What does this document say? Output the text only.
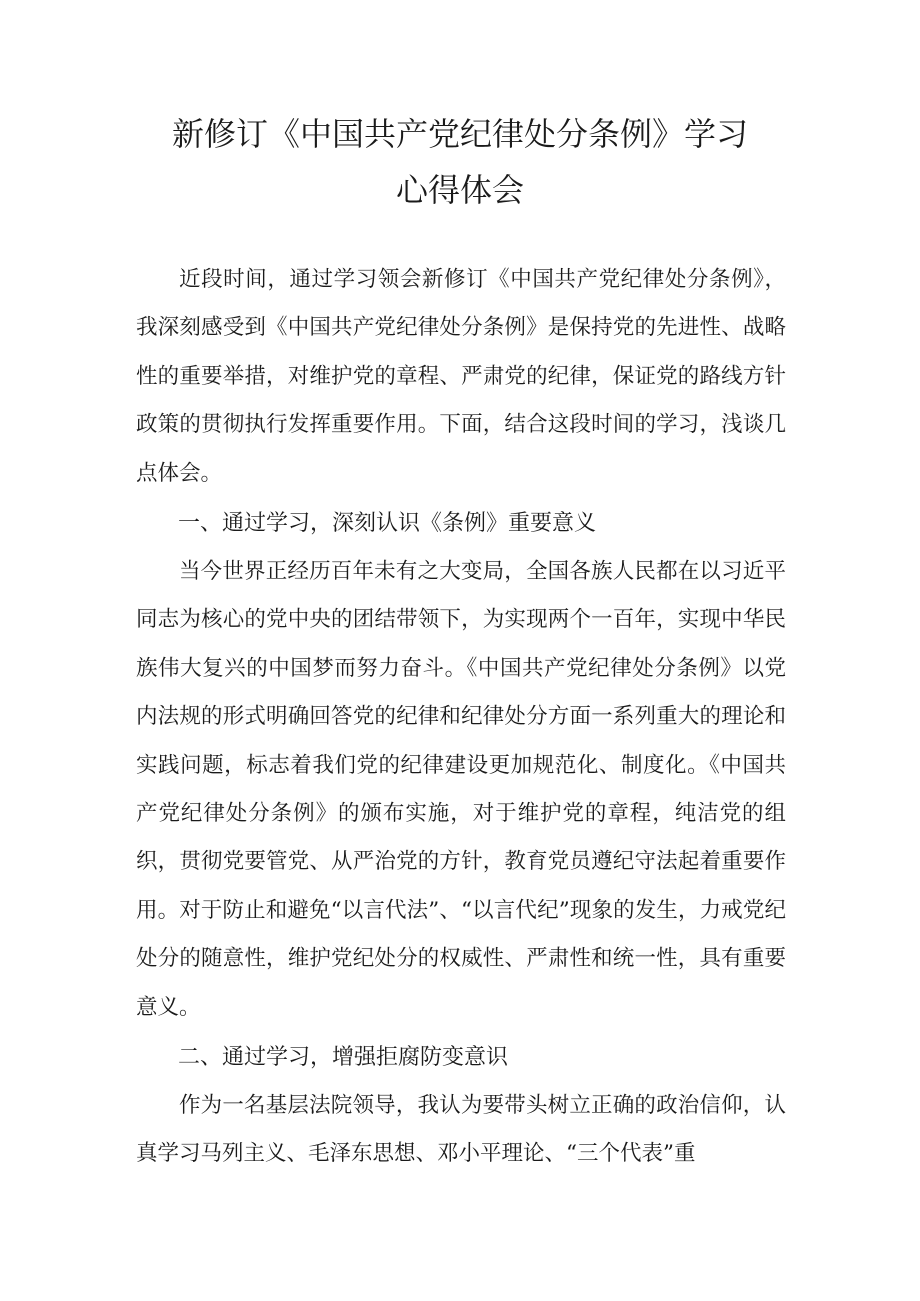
新修订《中国共产党纪律处分条例》学习
心得体会

近段时间，通过学习领会新修订《中国共产党纪律处分条例》，我深刻感受到《中国共产党纪律处分条例》是保持党的先进性、战略性的重要举措，对维护党的章程、严肃党的纪律，保证党的路线方针政策的贯彻执行发挥重要作用。下面，结合这段时间的学习，浅谈几点体会。

一、通过学习，深刻认识《条例》重要意义

当今世界正经历百年未有之大变局，全国各族人民都在以习近平同志为核心的党中央的团结带领下，为实现两个一百年，实现中华民族伟大复兴的中国梦而努力奋斗。《中国共产党纪律处分条例》以党内法规的形式明确回答党的纪律和纪律处分方面一系列重大的理论和实践问题，标志着我们党的纪律建设更加规范化、制度化。《中国共产党纪律处分条例》的颁布实施，对于维护党的章程，纯洁党的组织，贯彻党要管党、从严治党的方针，教育党员遵纪守法起着重要作用。对于防止和避免“以言代法”、“以言代纪”现象的发生，力戒党纪处分的随意性，维护党纪处分的权威性、严肃性和统一性，具有重要意义。

二、通过学习，增强拒腐防变意识

作为一名基层法院领导，我认为要带头树立正确的政治信仰，认真学习马列主义、毛泽东思想、邓小平理论、“三个代表”重
